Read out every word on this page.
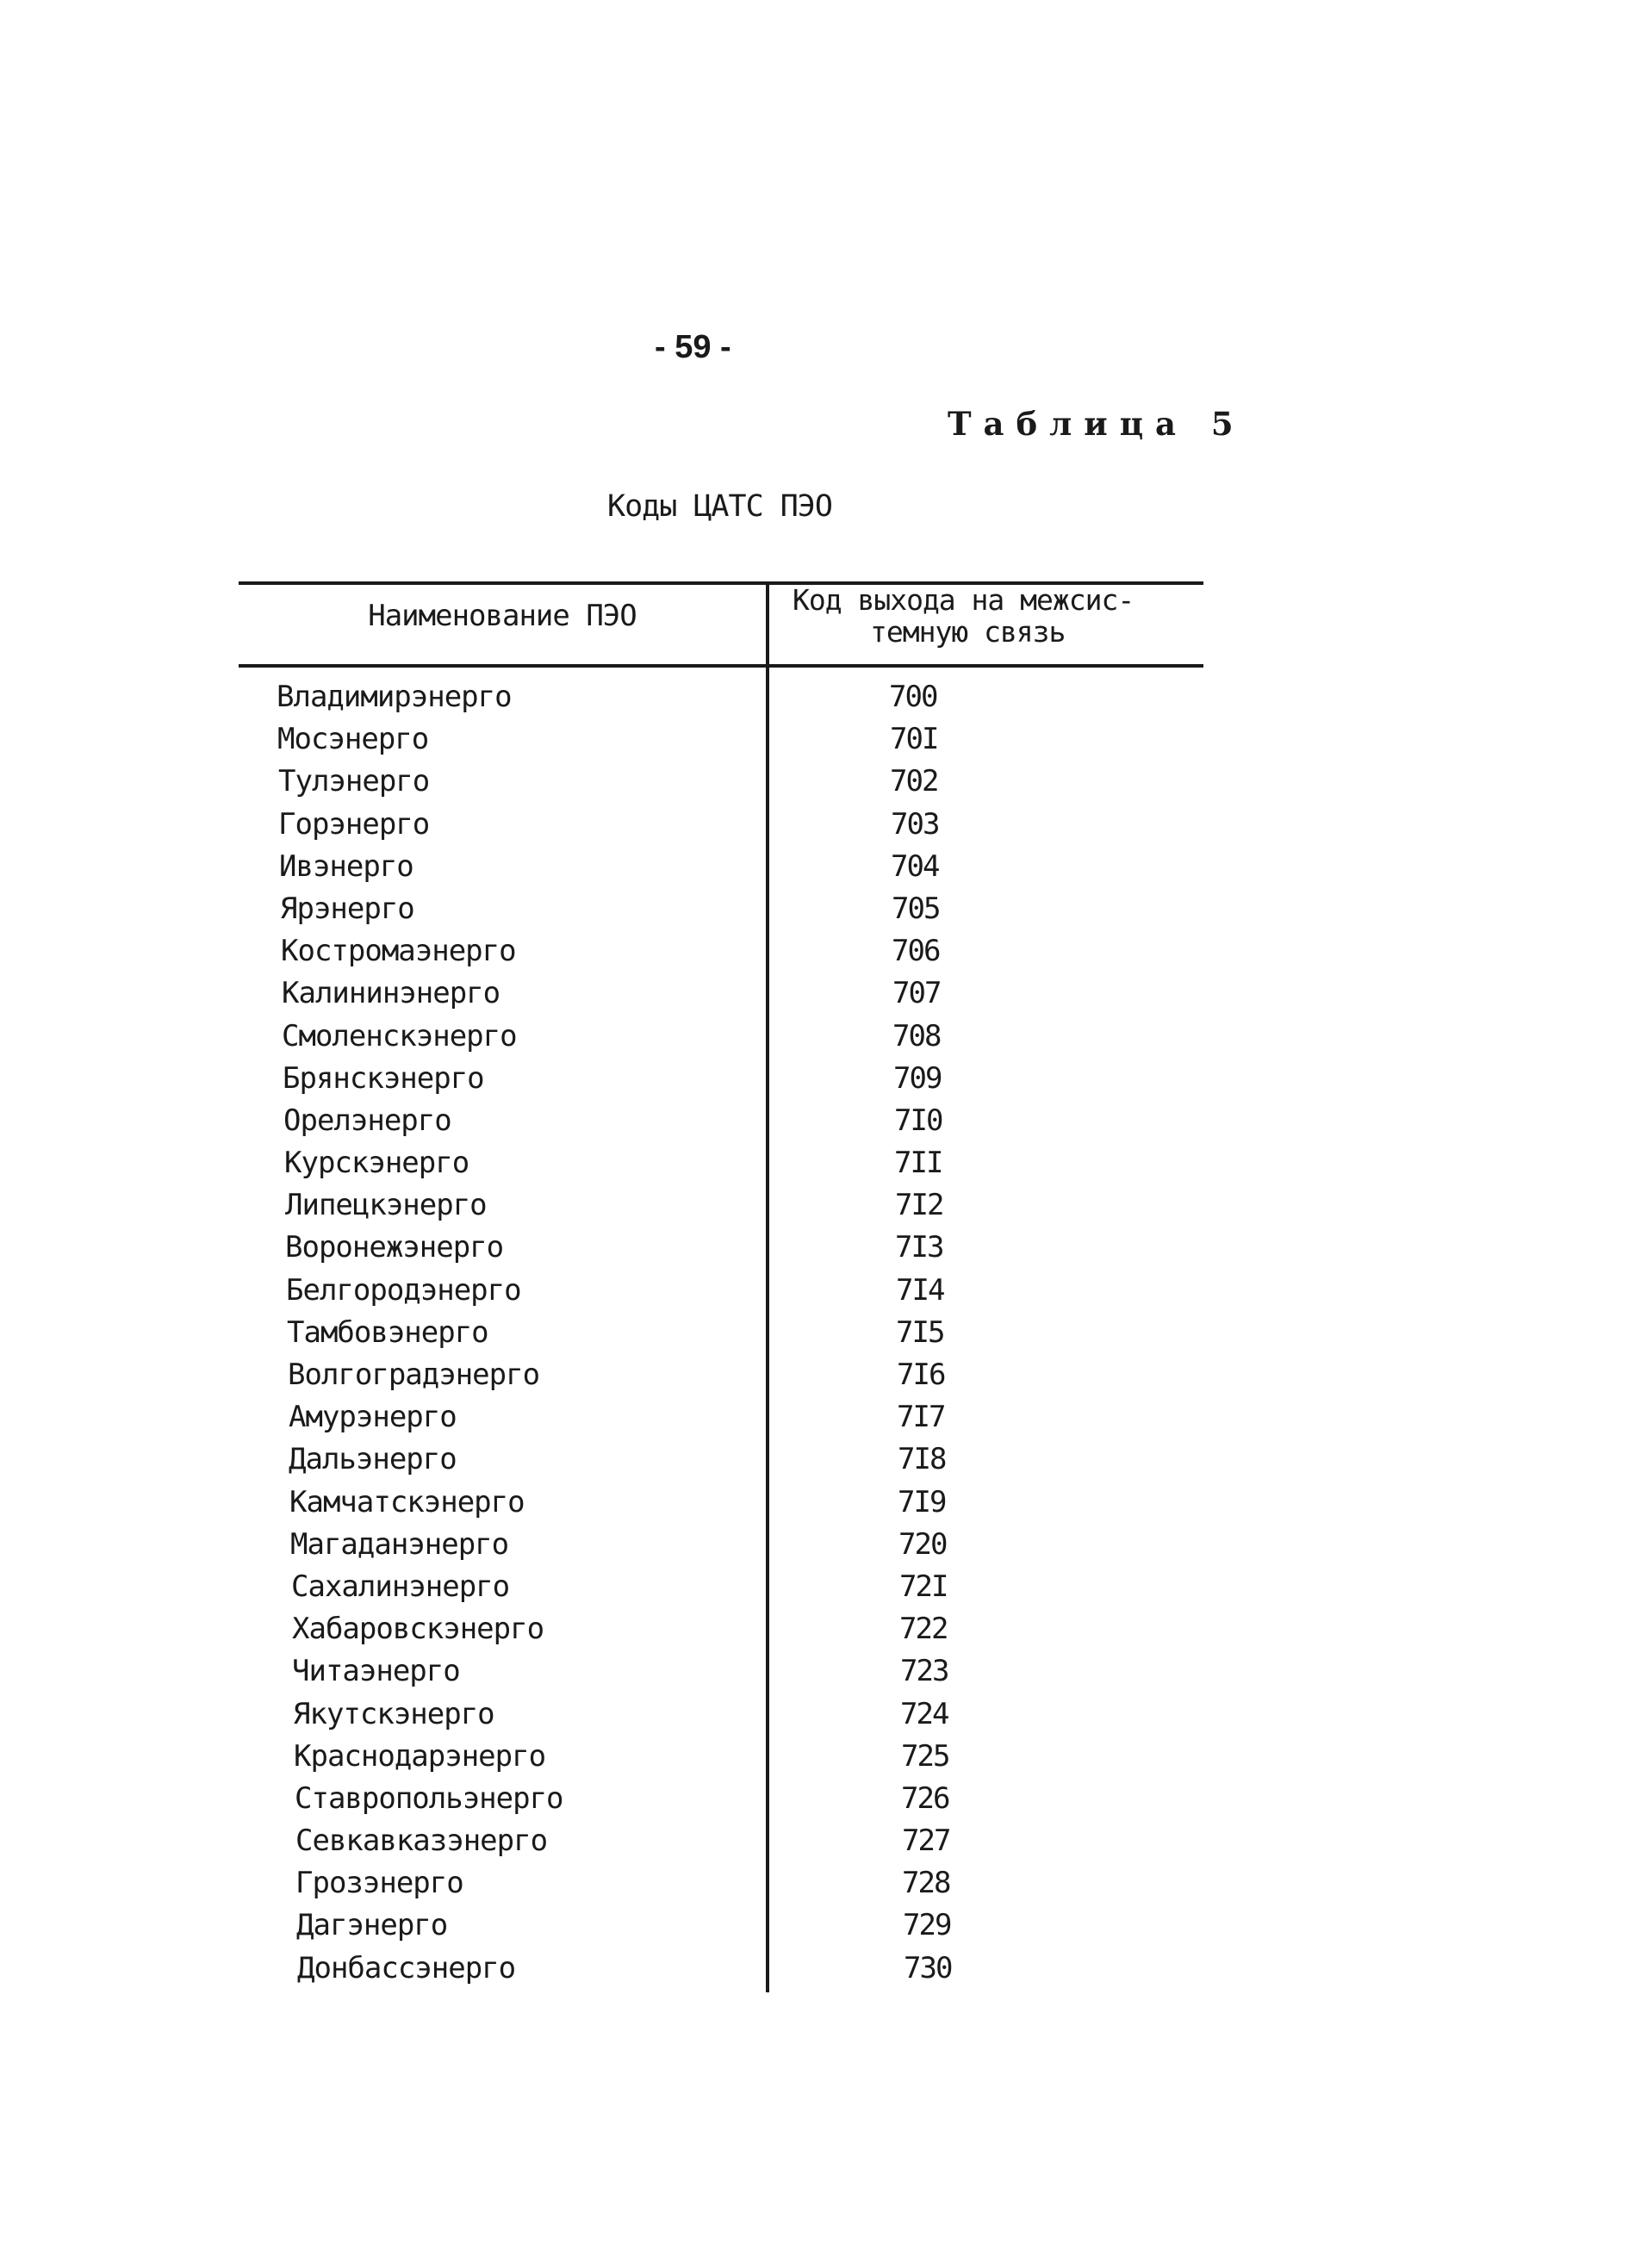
- 59 -
Таблица 5
Коды ЦАТС ПЭО
Наименование ПЭО	Код выхода на межсис-
темную связь
Владимирэнерго	700
Мосэнерго	70I
Тулэнерго	702
Горэнерго	703
Ивэнерго	704
Ярэнерго	705
Костромаэнерго	706
Калининэнерго	707
Смоленскэнерго	708
Брянскэнерго	709
Орелэнерго	7I0
Курскэнерго	7II
Липецкэнерго	7I2
Воронежэнерго	7I3
Белгородэнерго	7I4
Тамбовэнерго	7I5
Волгоградэнерго	7I6
Амурэнерго	7I7
Дальэнерго	7I8
Камчатскэнерго	7I9
Магаданэнерго	720
Сахалинэнерго	72I
Хабаровскэнерго	722
Читаэнерго	723
Якутскэнерго	724
Краснодарэнерго	725
Ставропольэнерго	726
Севкавказэнерго	727
Грозэнерго	728
Дагэнерго	729
Донбассэнерго	730
